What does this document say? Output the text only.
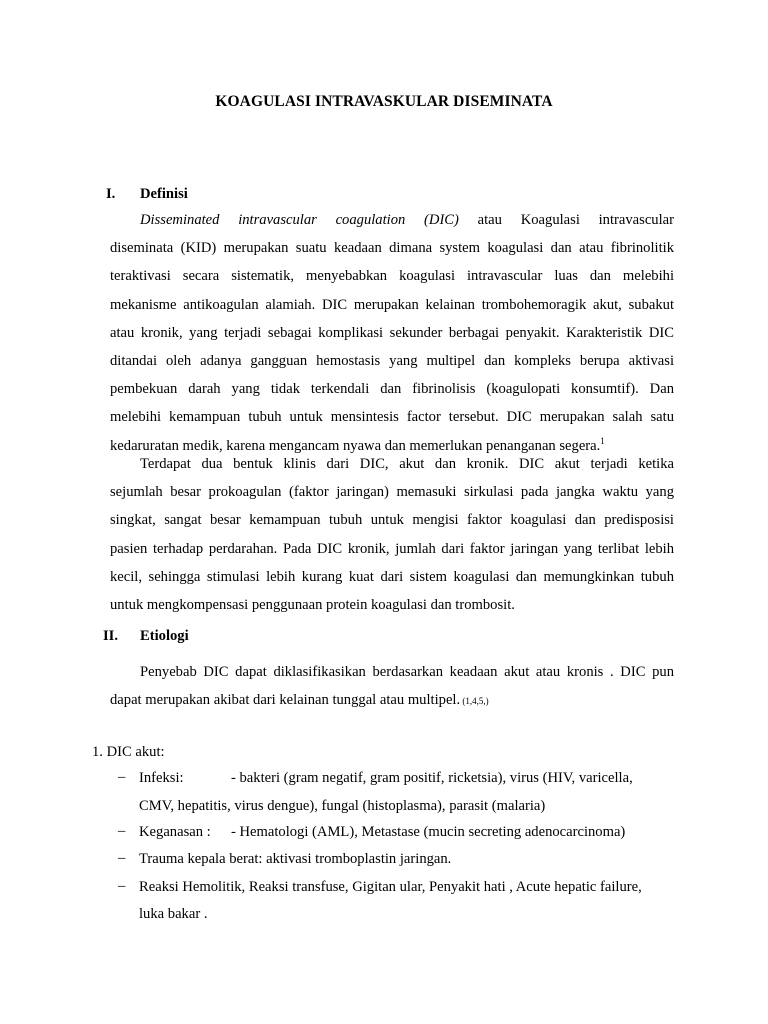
KOAGULASI INTRAVASKULAR DISEMINATA
I. Definisi
Disseminated intravascular coagulation (DIC) atau Koagulasi intravascular
diseminata (KID) merupakan suatu keadaan dimana system koagulasi dan atau fibrinolitik
teraktivasi secara sistematik, menyebabkan koagulasi intravascular luas dan melebihi
mekanisme antikoagulan alamiah. DIC merupakan kelainan trombohemoragik akut, subakut
atau kronik, yang terjadi sebagai komplikasi sekunder berbagai penyakit. Karakteristik DIC
ditandai oleh adanya gangguan hemostasis yang multipel dan kompleks berupa aktivasi
pembekuan darah yang tidak terkendali dan fibrinolisis (koagulopati konsumtif). Dan
melebihi kemampuan tubuh untuk mensintesis factor tersebut. DIC merupakan salah satu
kedaruratan medik, karena mengancam nyawa dan memerlukan penanganan segera.$^1$
Terdapat dua bentuk klinis dari DIC, akut dan kronik. DIC akut terjadi ketika
sejumlah besar prokoagulan (faktor jaringan) memasuki sirkulasi pada jangka waktu yang
singkat, sangat besar kemampuan tubuh untuk mengisi faktor koagulasi dan predisposisi
pasien terhadap perdarahan. Pada DIC kronik, jumlah dari faktor jaringan yang terlibat lebih
kecil, sehingga stimulasi lebih kurang kuat dari sistem koagulasi dan memungkinkan tubuh
untuk mengkompensasi penggunaan protein koagulasi dan trombosit.
II. Etiologi
Penyebab DIC dapat diklasifikasikan berdasarkan keadaan akut atau kronis . DIC pun
dapat merupakan akibat dari kelainan tunggal atau multipel. (1,4,5,)
1. DIC akut:
– Infeksi:	- bakteri (gram negatif, gram positif, ricketsia), virus (HIV, varicella,
CMV, hepatitis, virus dengue), fungal (histoplasma), parasit (malaria)
– Keganasan : - Hematologi (AML), Metastase (mucin secreting adenocarcinoma)
– Trauma kepala berat: aktivasi tromboplastin jaringan.
– Reaksi Hemolitik, Reaksi transfuse, Gigitan ular, Penyakit hati , Acute hepatic failure,
luka bakar .
